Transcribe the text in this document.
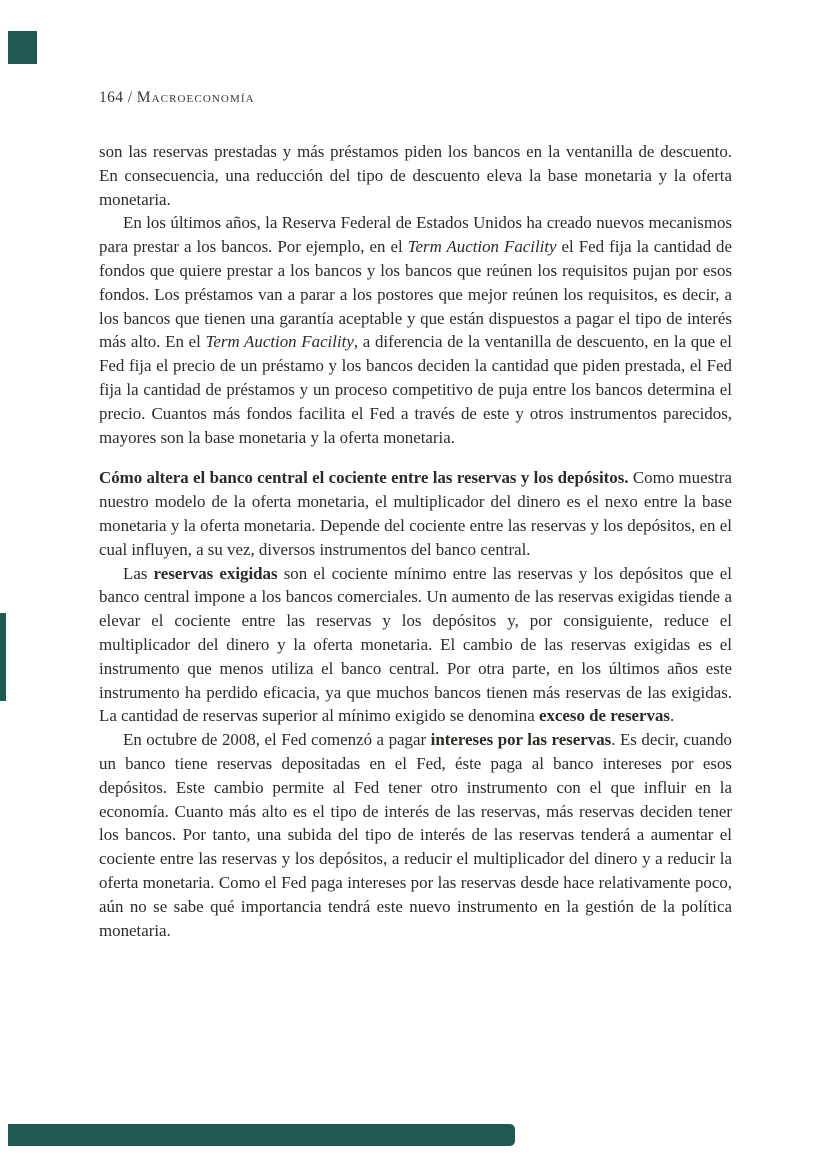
164 / Macroeconomía

son las reservas prestadas y más préstamos piden los bancos en la ventanilla de descuento. En consecuencia, una reducción del tipo de descuento eleva la base monetaria y la oferta monetaria.

En los últimos años, la Reserva Federal de Estados Unidos ha creado nuevos mecanismos para prestar a los bancos. Por ejemplo, en el Term Auction Facility el Fed fija la cantidad de fondos que quiere prestar a los bancos y los bancos que reúnen los requisitos pujan por esos fondos. Los préstamos van a parar a los postores que mejor reúnen los requisitos, es decir, a los bancos que tienen una garantía aceptable y que están dispuestos a pagar el tipo de interés más alto. En el Term Auction Facility, a diferencia de la ventanilla de descuento, en la que el Fed fija el precio de un préstamo y los bancos deciden la cantidad que piden prestada, el Fed fija la cantidad de préstamos y un proceso competitivo de puja entre los bancos determina el precio. Cuantos más fondos facilita el Fed a través de este y otros instrumentos parecidos, mayores son la base monetaria y la oferta monetaria.

Cómo altera el banco central el cociente entre las reservas y los depósitos. Como muestra nuestro modelo de la oferta monetaria, el multiplicador del dinero es el nexo entre la base monetaria y la oferta monetaria. Depende del cociente entre las reservas y los depósitos, en el cual influyen, a su vez, diversos instrumentos del banco central.

Las reservas exigidas son el cociente mínimo entre las reservas y los depósitos que el banco central impone a los bancos comerciales. Un aumento de las reservas exigidas tiende a elevar el cociente entre las reservas y los depósitos y, por consiguiente, reduce el multiplicador del dinero y la oferta monetaria. El cambio de las reservas exigidas es el instrumento que menos utiliza el banco central. Por otra parte, en los últimos años este instrumento ha perdido eficacia, ya que muchos bancos tienen más reservas de las exigidas. La cantidad de reservas superior al mínimo exigido se denomina exceso de reservas.

En octubre de 2008, el Fed comenzó a pagar intereses por las reservas. Es decir, cuando un banco tiene reservas depositadas en el Fed, éste paga al banco intereses por esos depósitos. Este cambio permite al Fed tener otro instrumento con el que influir en la economía. Cuanto más alto es el tipo de interés de las reservas, más reservas deciden tener los bancos. Por tanto, una subida del tipo de interés de las reservas tenderá a aumentar el cociente entre las reservas y los depósitos, a reducir el multiplicador del dinero y a reducir la oferta monetaria. Como el Fed paga intereses por las reservas desde hace relativamente poco, aún no se sabe qué importancia tendrá este nuevo instrumento en la gestión de la política monetaria.
